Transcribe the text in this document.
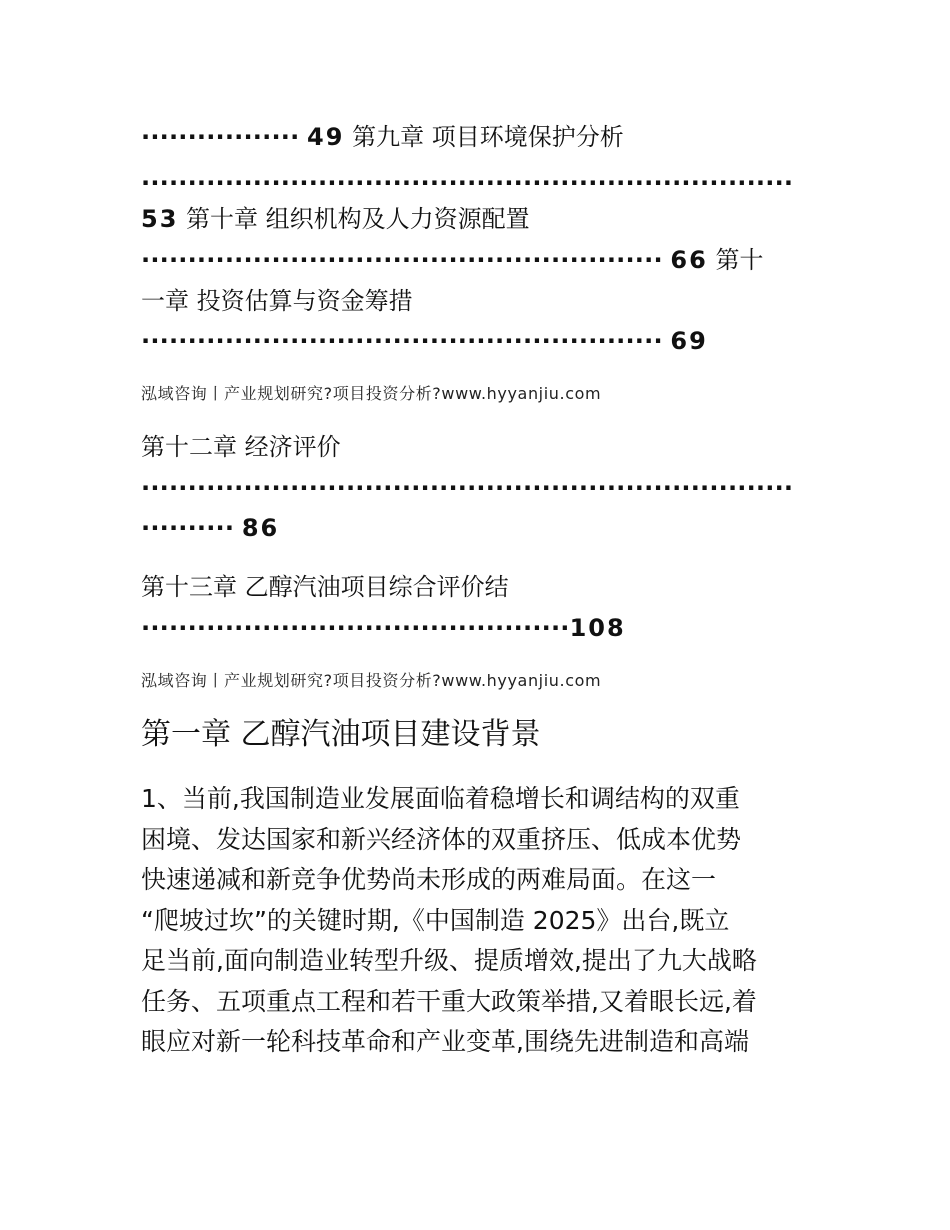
················· 49 第九章 项目环境保护分析
······································································
53 第十章 组织机构及人力资源配置
························································ 66 第十
一章 投资估算与资金筹措
························································ 69
泓域咨询丨产业规划研究?项目投资分析?www.hyyanjiu.com
第十二章 经济评价
······································································
·········· 86
第十三章 乙醇汽油项目综合评价结
··············································108
泓域咨询丨产业规划研究?项目投资分析?www.hyyanjiu.com
第一章 乙醇汽油项目建设背景
1、当前,我国制造业发展面临着稳增长和调结构的双重
困境、发达国家和新兴经济体的双重挤压、低成本优势
快速递减和新竞争优势尚未形成的两难局面。在这一
“爬坡过坎”的关键时期,《中国制造 2025》出台,既立
足当前,面向制造业转型升级、提质增效,提出了九大战略
任务、五项重点工程和若干重大政策举措,又着眼长远,着
眼应对新一轮科技革命和产业变革,围绕先进制造和高端
